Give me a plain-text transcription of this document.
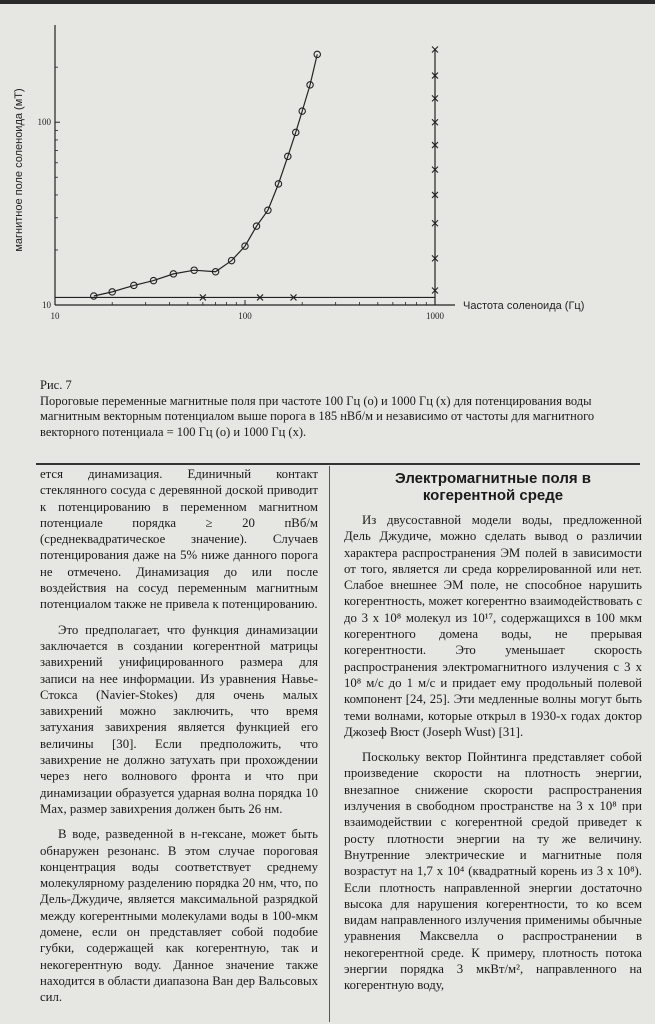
10	100	1000
10
100
Частота соленоида (Гц)
магнитное поле соленоида (мТ)
Рис. 7
Пороговые переменные магнитные поля при частоте 100 Гц (о) и 1000 Гц (х) для потенцирования воды магнитным векторным потенциалом выше порога в 185 нВб/м и независимо от частоты для магнитного векторного потенциала = 100 Гц (о) и 1000 Гц (х).

ется динамизация. Единичный контакт стеклянного сосуда с деревянной доской приводит к потенцированию в переменном магнитном потенциале порядка ≥ 20 пВб/м (среднеквадратическое значение). Случаев потенцирования даже на 5% ниже данного порога не отмечено. Динамизация до или после воздействия на сосуд переменным магнитным потенциалом также не привела к потенцированию.

Это предполагает, что функция динамизации заключается в создании когерентной матрицы завихрений унифицированного размера для записи на нее информации. Из уравнения Навье-Стокса (Navier-Stokes) для очень малых завихрений можно заключить, что время затухания завихрения является функцией его величины [30]. Если предположить, что завихрение не должно затухать при прохождении через него волнового фронта и что при динамизации образуется ударная волна порядка 10 Мах, размер завихрения должен быть 26 нм.

В воде, разведенной в н-гексане, может быть обнаружен резонанс. В этом случае пороговая концентрация воды соответствует среднему молекулярному разделению порядка 20 нм, что, по Дель-Джудиче, является максимальной разрядкой между когерентными молекулами воды в 100-мкм домене, если он представляет собой подобие губки, содержащей как когерентную, так и некогерентную воду. Данное значение также находится в области диапазона Ван дер Вальсовых сил.

Электромагнитные поля в
когерентной среде

Из двусоставной модели воды, предложенной Дель Джудиче, можно сделать вывод о различии характера распространения ЭМ полей в зависимости от того, является ли среда коррелированной или нет. Слабое внешнее ЭМ поле, не способное нарушить когерентность, может когерентно взаимодействовать с до 3 х 10⁸ молекул из 10¹⁷, содержащихся в 100 мкм когерентного домена воды, не прерывая когерентности. Это уменьшает скорость распространения электромагнитного излучения с 3 х 10⁸ м/с до 1 м/с и придает ему продольный полевой компонент [24, 25]. Эти медленные волны могут быть теми волнами, которые открыл в 1930-х годах доктор Джозеф Вюст (Joseph Wust) [31].

Поскольку вектор Пойнтинга представляет собой произведение скорости на плотность энергии, внезапное снижение скорости распространения излучения в свободном пространстве на 3 х 10⁸ при взаимодействии с когерентной средой приведет к росту плотности энергии на ту же величину. Внутренние электрические и магнитные поля возрастут на 1,7 х 10⁴ (квадратный корень из 3 х 10⁸). Если плотность направленной энергии достаточно высока для нарушения когерентности, то ко всем видам направленного излучения применимы обычные уравнения Максвелла о распространении в некогерентной среде. К примеру, плотность потока энергии порядка 3 мкВт/м², направленного на когерентную воду,
